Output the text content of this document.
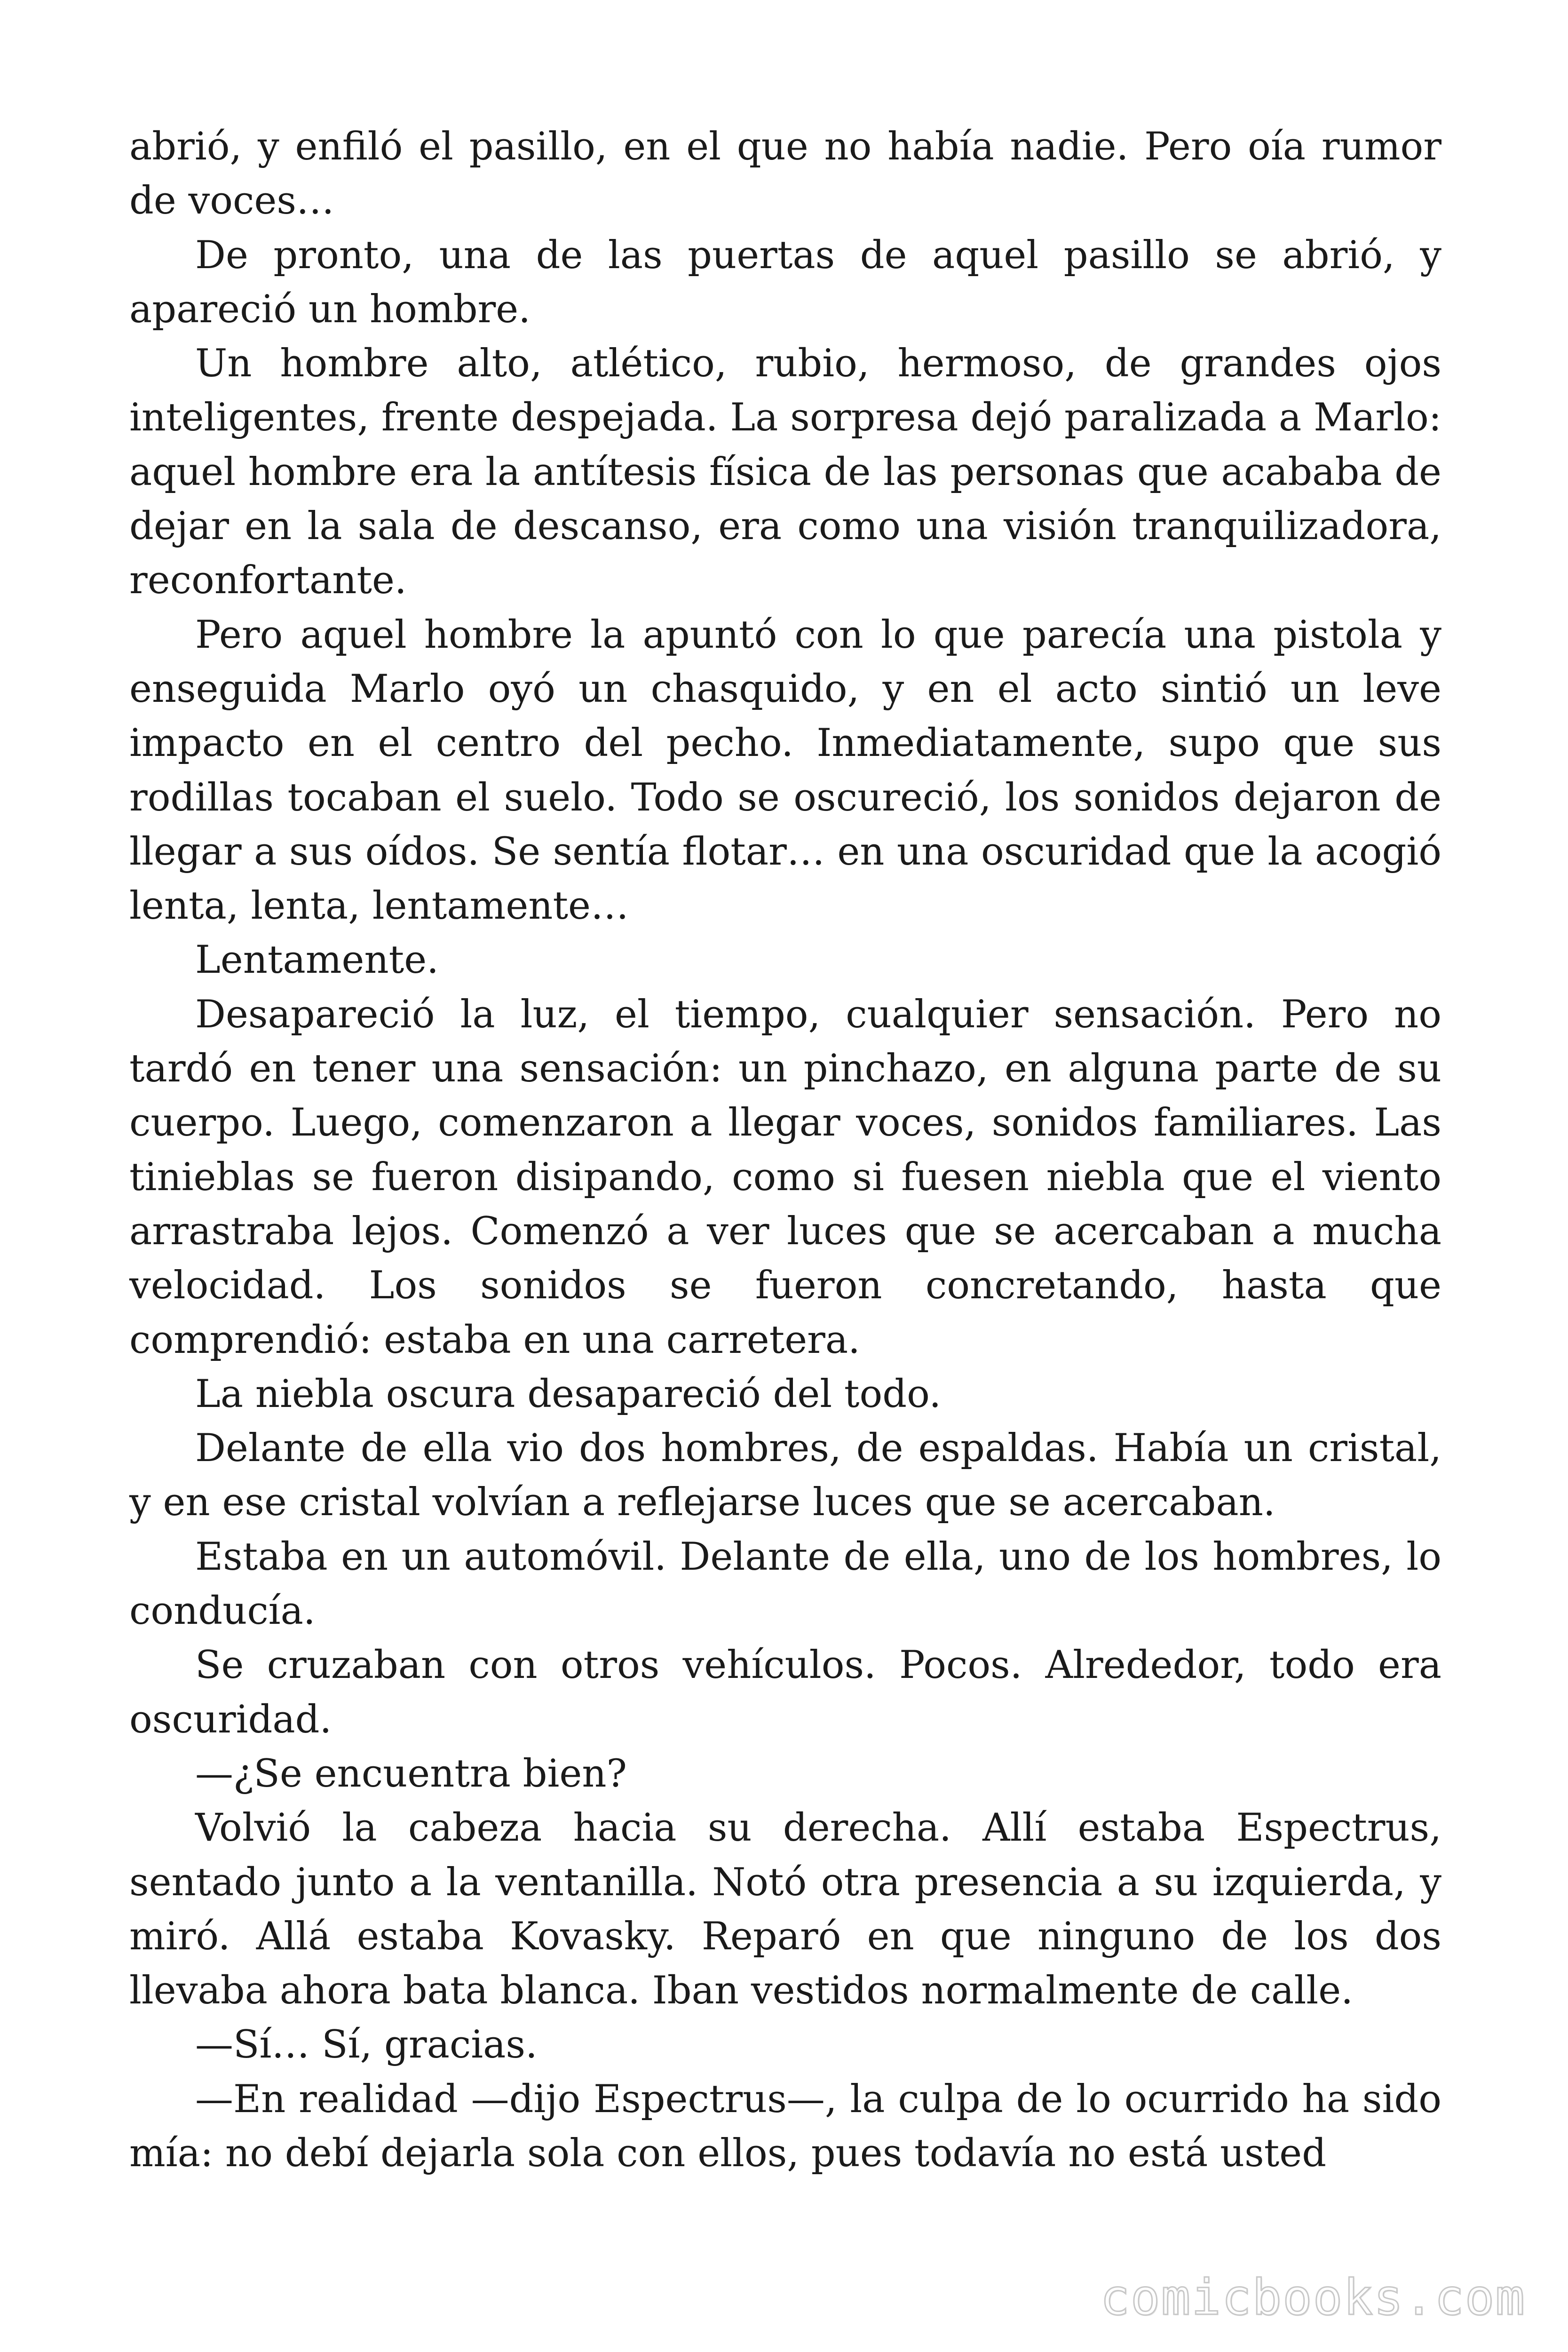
abrió, y enfiló el pasillo, en el que no había nadie. Pero oía rumor de voces…

De pronto, una de las puertas de aquel pasillo se abrió, y apareció un hombre.

Un hombre alto, atlético, rubio, hermoso, de grandes ojos inteligentes, frente despejada. La sorpresa dejó paralizada a Marlo: aquel hombre era la antítesis física de las personas que acababa de dejar en la sala de descanso, era como una visión tranquilizadora, reconfortante.

Pero aquel hombre la apuntó con lo que parecía una pistola y enseguida Marlo oyó un chasquido, y en el acto sintió un leve impacto en el centro del pecho. Inmediatamente, supo que sus rodillas tocaban el suelo. Todo se oscureció, los sonidos dejaron de llegar a sus oídos. Se sentía flotar… en una oscuridad que la acogió lenta, lenta, lentamente…

Lentamente.

Desapareció la luz, el tiempo, cualquier sensación. Pero no tardó en tener una sensación: un pinchazo, en alguna parte de su cuerpo. Luego, comenzaron a llegar voces, sonidos familiares. Las tinieblas se fueron disipando, como si fuesen niebla que el viento arrastraba lejos. Comenzó a ver luces que se acercaban a mucha velocidad. Los sonidos se fueron concretando, hasta que comprendió: estaba en una carretera.

La niebla oscura desapareció del todo.

Delante de ella vio dos hombres, de espaldas. Había un cristal, y en ese cristal volvían a reflejarse luces que se acercaban.

Estaba en un automóvil. Delante de ella, uno de los hombres, lo conducía.

Se cruzaban con otros vehículos. Pocos. Alrededor, todo era oscuridad.

—¿Se encuentra bien?

Volvió la cabeza hacia su derecha. Allí estaba Espectrus, sentado junto a la ventanilla. Notó otra presencia a su izquierda, y miró. Allá estaba Kovasky. Reparó en que ninguno de los dos llevaba ahora bata blanca. Iban vestidos normalmente de calle.

—Sí… Sí, gracias.

—En realidad —dijo Espectrus—, la culpa de lo ocurrido ha sido mía: no debí dejarla sola con ellos, pues todavía no está usted

comicbooks.com
